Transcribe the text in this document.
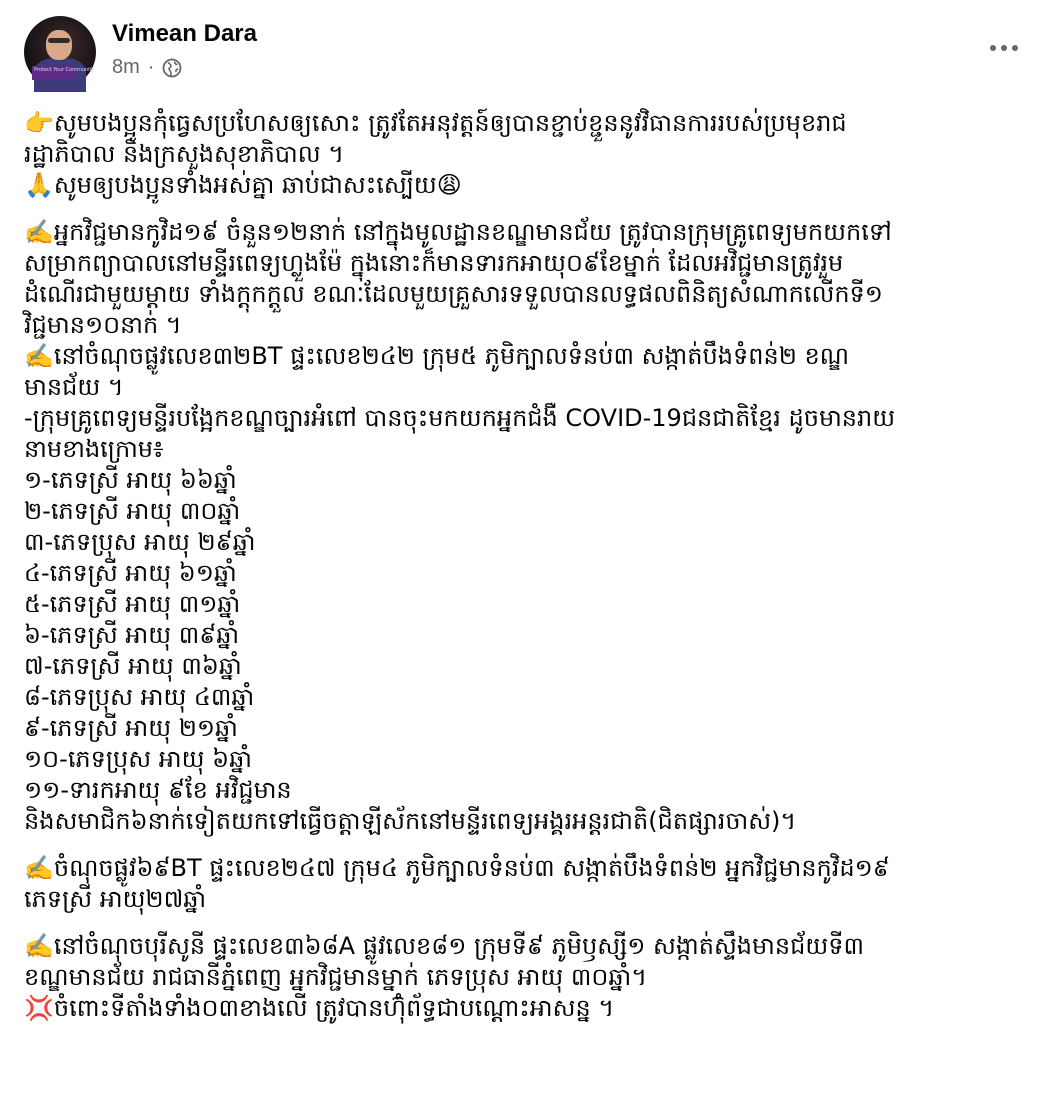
Protect Your Community
Vimean Dara
8m ·
👉សូមបងប្អូនកុំធ្វេសប្រហែសឲ្យសោះ ត្រូវតែអនុវត្តន៍ឲ្យបានខ្ជាប់ខ្ជួននូវវិធានការរបស់ប្រមុខរាជ
រដ្ឋាភិបាល និងក្រសួងសុខាភិបាល ។
🙏សូមឲ្យបងប្អូនទាំងអស់គ្នា ឆាប់ជាសះស្បើយ😩
✍️អ្នកវិជ្ជមានកូវិដ១៩ ចំនួន១២នាក់ នៅក្នុងមូលដ្ឋានខណ្ឌមានជ័យ ត្រូវបានក្រុមគ្រូពេទ្យមកយកទៅ
សម្រាកព្យាបាលនៅមន្ទីរពេទ្យហ្លួងម៉ែ ក្នុងនោះក៏មានទារកអាយុ០៩ខែម្នាក់ ដែលអវិជ្ជមានត្រូវរួម
ដំណើរជាមួយម្តាយ ទាំងក្តុកក្តួល ខណៈដែលមួយគ្រួសារទទួលបានលទ្ធផលពិនិត្យសំណាកលើកទី១
វិជ្ជមាន១០នាក់ ។
✍️នៅចំណុចផ្លូវលេខ៣២BT ផ្ទះលេខ២៤២ ក្រុម៥ ភូមិក្បាលទំនប់៣ សង្កាត់បឹងទំពន់២ ខណ្ឌ
មានជ័យ ។
-ក្រុមគ្រូពេទ្យមន្ទីរបង្អែកខណ្ឌច្បារអំពៅ បានចុះមកយកអ្នកជំងឺ COVID-19ជនជាតិខ្មែរ ដូចមានរាយ
នាមខាងក្រោម៖
១-ភេទស្រី អាយុ ៦៦ឆ្នាំ
២-ភេទស្រី អាយុ ៣០ឆ្នាំ
៣-ភេទប្រុស អាយុ ២៩ឆ្នាំ
៤-ភេទស្រី អាយុ ៦១ឆ្នាំ
៥-ភេទស្រី អាយុ ៣១ឆ្នាំ
៦-ភេទស្រី អាយុ ៣៩ឆ្នាំ
៧-ភេទស្រី អាយុ ៣៦ឆ្នាំ
៨-ភេទប្រុស អាយុ ៤៣ឆ្នាំ
៩-ភេទស្រី អាយុ ២១ឆ្នាំ
១០-ភេទប្រុស អាយុ ៦ឆ្នាំ
១១-ទារកអាយុ ៩ខែ អវិជ្ជមាន
និងសមាជិក៦នាក់ទៀតយកទៅធ្វើចត្តាឡីស័កនៅមន្ទីរពេទ្យអង្គរអន្តរជាតិ(ជិតផ្សារចាស់)។
✍️ចំណុចផ្លូវ៦៩BT ផ្ទះលេខ២៤៧ ក្រុម៤ ភូមិក្បាលទំនប់៣ សង្កាត់បឹងទំពន់២ អ្នកវិជ្ជមានកូវិដ១៩
ភេទស្រី អាយុ២៧ឆ្នាំ
✍️នៅចំណុចបុរីសូនី ផ្ទះលេខ៣៦៨A ផ្លូវលេខ៨១ ក្រុមទី៩ ភូមិឫស្សី១ សង្កាត់ស្ទឹងមានជ័យទី៣
ខណ្ឌមានជ័យ រាជធានីភ្នំពេញ អ្នកវិជ្ជមានម្នាក់ ភេទប្រុស អាយុ ៣០ឆ្នាំ។
💢ចំពោះទីតាំងទាំង០៣ខាងលើ ត្រូវបានហ៊ុំព័ទ្ធជាបណ្តោះអាសន្ន ។
